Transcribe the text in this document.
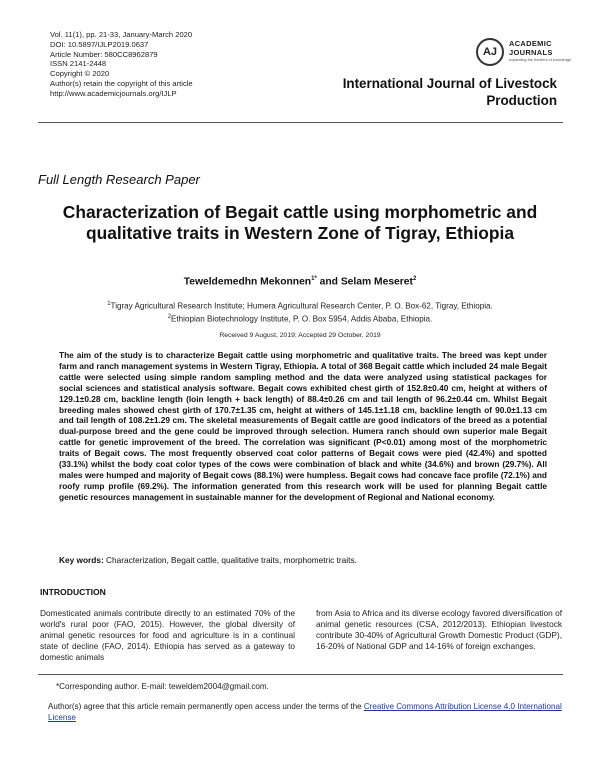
Vol. 11(1), pp. 21-33, January-March 2020
DOI: 10.5897/IJLP2019.0637
Article Number: 580CC8962879
ISSN 2141-2448
Copyright © 2020
Author(s) retain the copyright of this article
http://www.academicjournals.org/IJLP
AJ
ACADEMIC
JOURNALS
expanding the frontiers of knowledge
International Journal of Livestock
Production
Full Length Research Paper
Characterization of Begait cattle using morphometric and qualitative traits in Western Zone of Tigray, Ethiopia
Teweldemedhn Mekonnen$^{1*}$ and Selam Meseret$^2$
$^1$Tigray Agricultural Research Institute; Humera Agricultural Research Center, P. O. Box-62, Tigray, Ethiopia.
$^2$Ethiopian Biotechnology Institute, P. O. Box 5954, Addis Ababa, Ethiopia.
Received 9 August, 2019; Accepted 29 October, 2019
The aim of the study is to characterize Begait cattle using morphometric and qualitative traits. The breed was kept under farm and ranch management systems in Western Tigray, Ethiopia. A total of 368 Begait cattle which included 24 male Begait cattle were selected using simple random sampling method and the data were analyzed using statistical packages for social sciences and statistical analysis software. Begait cows exhibited chest girth of 152.8±0.40 cm, height at withers of 129.1±0.28 cm, backline length (loin length + back length) of 88.4±0.26 cm and tail length of 96.2±0.44 cm. Whilst Begait breeding males showed chest girth of 170.7±1.35 cm, height at withers of 145.1±1.18 cm, backline length of 90.0±1.13 cm and tail length of 108.2±1.29 cm. The skeletal measurements of Begait cattle are good indicators of the breed as a potential dual-purpose breed and the gene could be improved through selection. Humera ranch should own superior male Begait cattle for genetic improvement of the breed. The correlation was significant (P<0.01) among most of the morphometric traits of Begait cows. The most frequently observed coat color patterns of Begait cows were pied (42.4%) and spotted (33.1%) whilst the body coat color types of the cows were combination of black and white (34.6%) and brown (29.7%). All males were humped and majority of Begait cows (88.1%) were humpless. Begait cows had concave face profile (72.1%) and roofy rump profile (69.2%). The information generated from this research work will be used for planning Begait cattle genetic resources management in sustainable manner for the development of Regional and National economy.
Key words: Characterization, Begait cattle, qualitative traits, morphometric traits.
INTRODUCTION
Domesticated animals contribute directly to an estimated 70% of the world's rural poor (FAO, 2015). However, the global diversity of animal genetic resources for food and agriculture is in a continual state of decline (FAO, 2014). Ethiopia has served as a gateway to domestic animals
from Asia to Africa and its diverse ecology favored diversification of animal genetic resources (CSA, 2012/2013). Ethiopian livestock contribute 30-40% of Agricultural Growth Domestic Product (GDP), 16-20% of National GDP and 14-16% of foreign exchanges.
*Corresponding author. E-mail: teweldem2004@gmail.com.
Author(s) agree that this article remain permanently open access under the terms of the Creative Commons Attribution License 4.0 International License
